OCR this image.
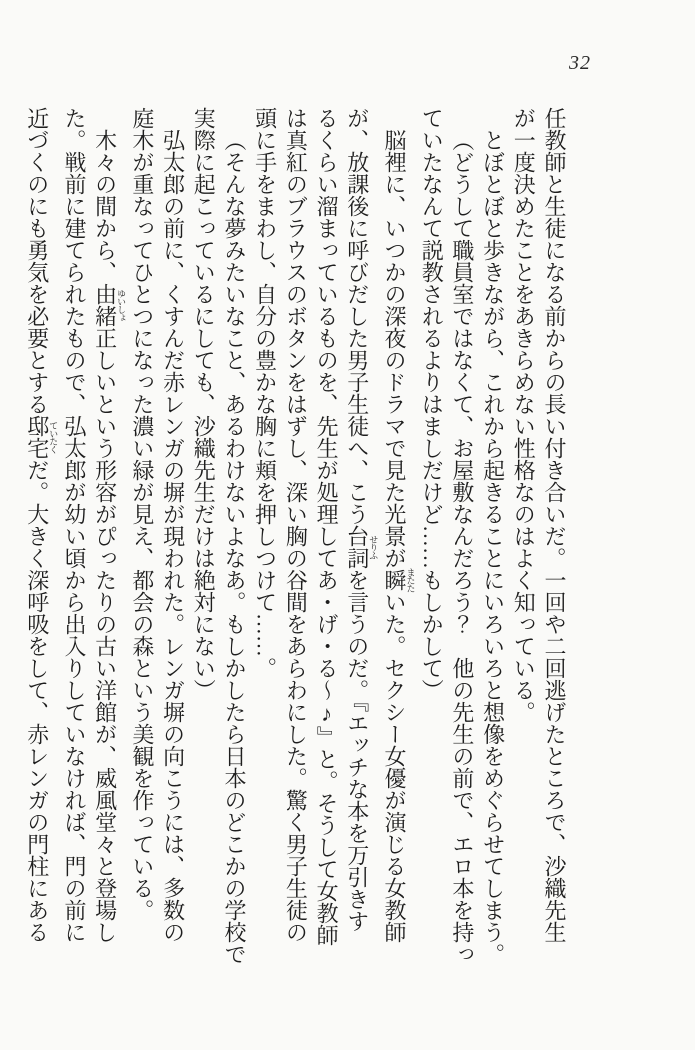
32
任教師と生徒になる前からの長い付き合いだ。一回や二回逃げたところで、沙織先生
が一度決めたことをあきらめない性格なのはよく知っている。
とぼとぼと歩きながら、これから起きることにいろいろと想像をめぐらせてしまう。
（どうして職員室ではなくて、お屋敷なんだろう？　他の先生の前で、エロ本を持っ
ていたなんて説教されるよりはましだけど……もしかして）
脳裡に、いつかの深夜のドラマで見た光景が瞬またたいた。セクシー女優が演じる女教師
が、放課後に呼びだした男子生徒へ、こう台詞せりふを言うのだ。『エッチな本を万引きす
るくらい溜まっているものを、先生が処理してあ・げ・る～♪』と。そうして女教師
は真紅のブラウスのボタンをはずし、深い胸の谷間をあらわにした。驚く男子生徒の
頭に手をまわし、自分の豊かな胸に頬を押しつけて……。
（そんな夢みたいなこと、あるわけないよなあ。もしかしたら日本のどこかの学校で
実際に起こっているにしても、沙織先生だけは絶対にない）
弘太郎の前に、くすんだ赤レンガの塀が現われた。レンガ塀の向こうには、多数の
庭木が重なってひとつになった濃い緑が見え、都会の森という美観を作っている。
木々の間から、由緒ゆいしょ正しいという形容がぴったりの古い洋館が、威風堂々と登場し
た。戦前に建てられたもので、弘太郎が幼い頃から出入りしていなければ、門の前に
近づくのにも勇気を必要とする邸宅ていたくだ。大きく深呼吸をして、赤レンガの門柱にある
